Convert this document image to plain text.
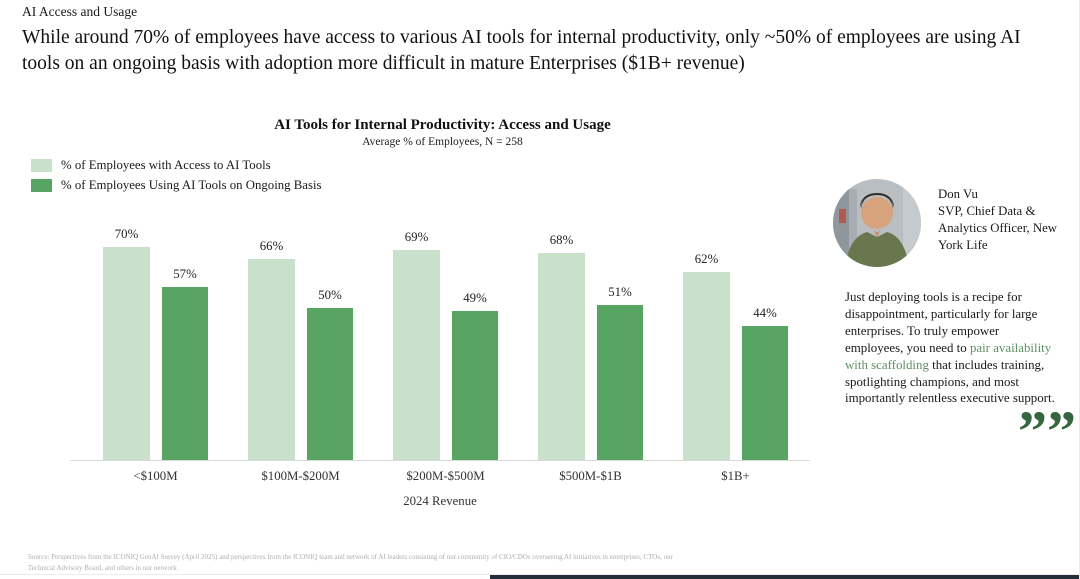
AI Access and Usage
While around 70% of employees have access to various AI tools for internal productivity, only ~50% of employees are using AI tools on an ongoing basis with adoption more difficult in mature Enterprises ($1B+ revenue)
AI Tools for Internal Productivity: Access and Usage
Average % of Employees, N = 258
% of Employees with Access to AI Tools
% of Employees Using AI Tools on Ongoing Basis
70%
57%
<$100M
66%
50%
$100M-$200M
69%
49%
$200M-$500M
68%
51%
$500M-$1B
62%
44%
$1B+
2024 Revenue
Don Vu
SVP, Chief Data & Analytics Officer, New York Life
Just deploying tools is a recipe for disappointment, particularly for large enterprises. To truly empower employees, you need to pair availability with scaffolding that includes training, spotlighting champions, and most importantly relentless executive support.
””
Source: Perspectives from the ICONIQ GenAI Survey (April 2025) and perspectives from the ICONIQ team and network of AI leaders consisting of our community of CIO/CDOs overseeing AI initiatives in enterprises, CTOs, our Technical Advisory Board, and others in our network
